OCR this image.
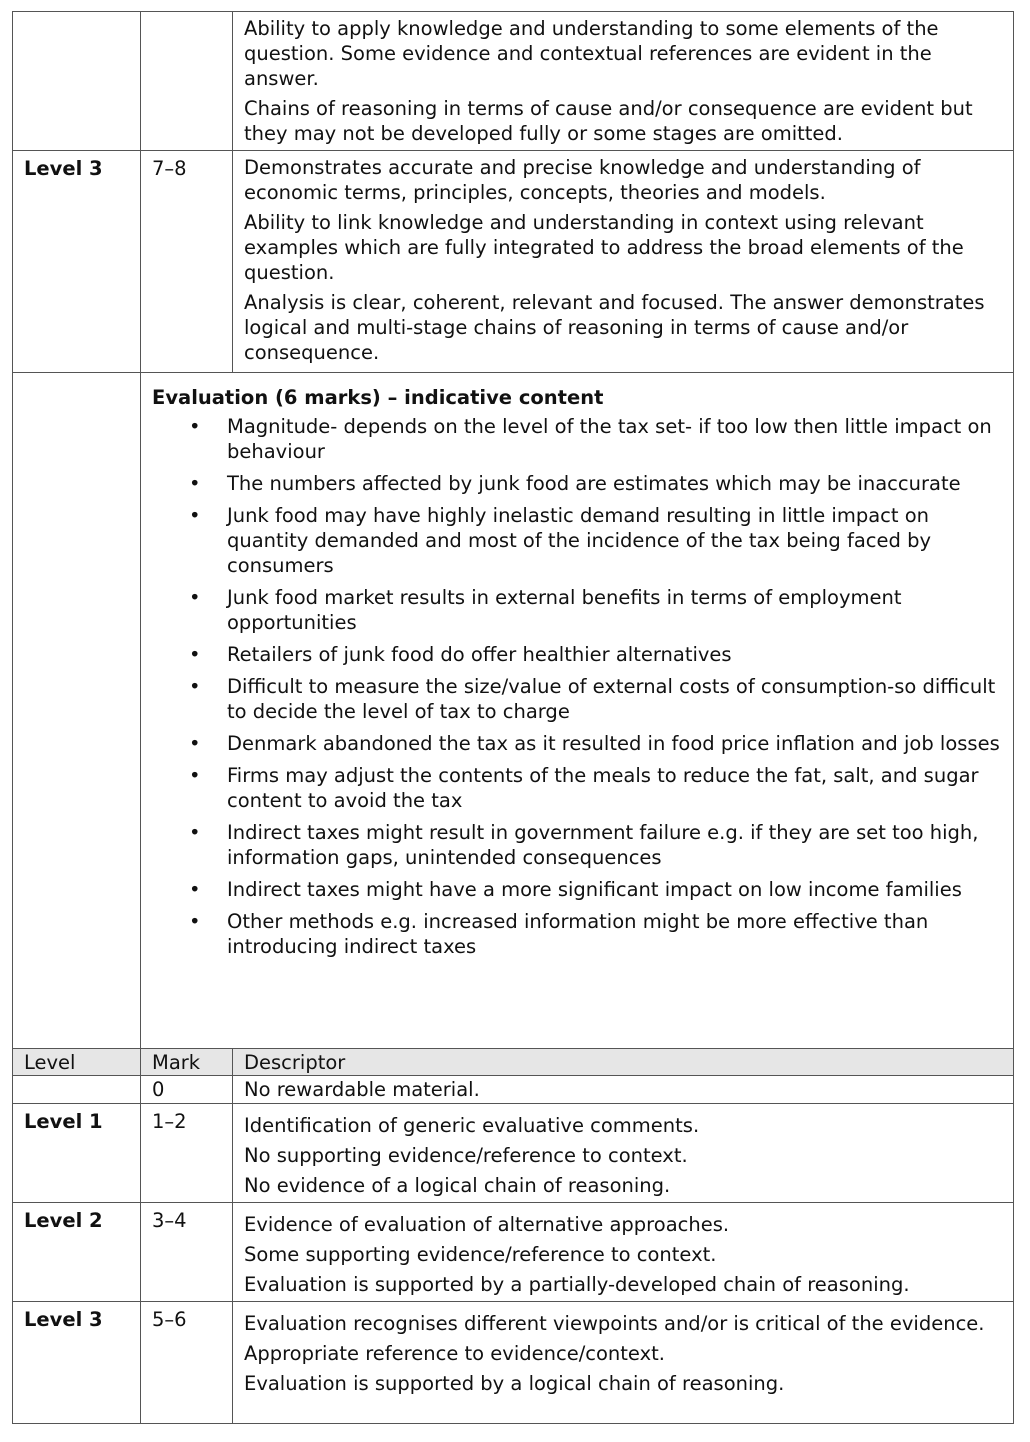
		Ability to apply knowledge and understanding to some elements of the question. Some evidence and contextual references are evident in the answer.

Chains of reasoning in terms of cause and/or consequence are evident but they may not be developed fully or some stages are omitted.

Level 3	7–8	Demonstrates accurate and precise knowledge and understanding of economic terms, principles, concepts, theories and models.

Ability to link knowledge and understanding in context using relevant examples which are fully integrated to address the broad elements of the question.

Analysis is clear, coherent, relevant and focused. The answer demonstrates logical and multi-stage chains of reasoning in terms of cause and/or consequence.

Evaluation (6 marks) – indicative content
• Magnitude- depends on the level of the tax set- if too low then little impact on behaviour
• The numbers affected by junk food are estimates which may be inaccurate
• Junk food may have highly inelastic demand resulting in little impact on quantity demanded and most of the incidence of the tax being faced by consumers
• Junk food market results in external benefits in terms of employment opportunities
• Retailers of junk food do offer healthier alternatives
• Difficult to measure the size/value of external costs of consumption-so difficult to decide the level of tax to charge
• Denmark abandoned the tax as it resulted in food price inflation and job losses
• Firms may adjust the contents of the meals to reduce the fat, salt, and sugar content to avoid the tax
• Indirect taxes might result in government failure e.g. if they are set too high, information gaps, unintended consequences
• Indirect taxes might have a more significant impact on low income families
• Other methods e.g. increased information might be more effective than introducing indirect taxes

Level	Mark	Descriptor
	0	No rewardable material.
Level 1	1–2	Identification of generic evaluative comments.

No supporting evidence/reference to context.

No evidence of a logical chain of reasoning.

Level 2	3–4	Evidence of evaluation of alternative approaches.

Some supporting evidence/reference to context.

Evaluation is supported by a partially-developed chain of reasoning.

Level 3	5–6	Evaluation recognises different viewpoints and/or is critical of the evidence.

Appropriate reference to evidence/context.

Evaluation is supported by a logical chain of reasoning.
